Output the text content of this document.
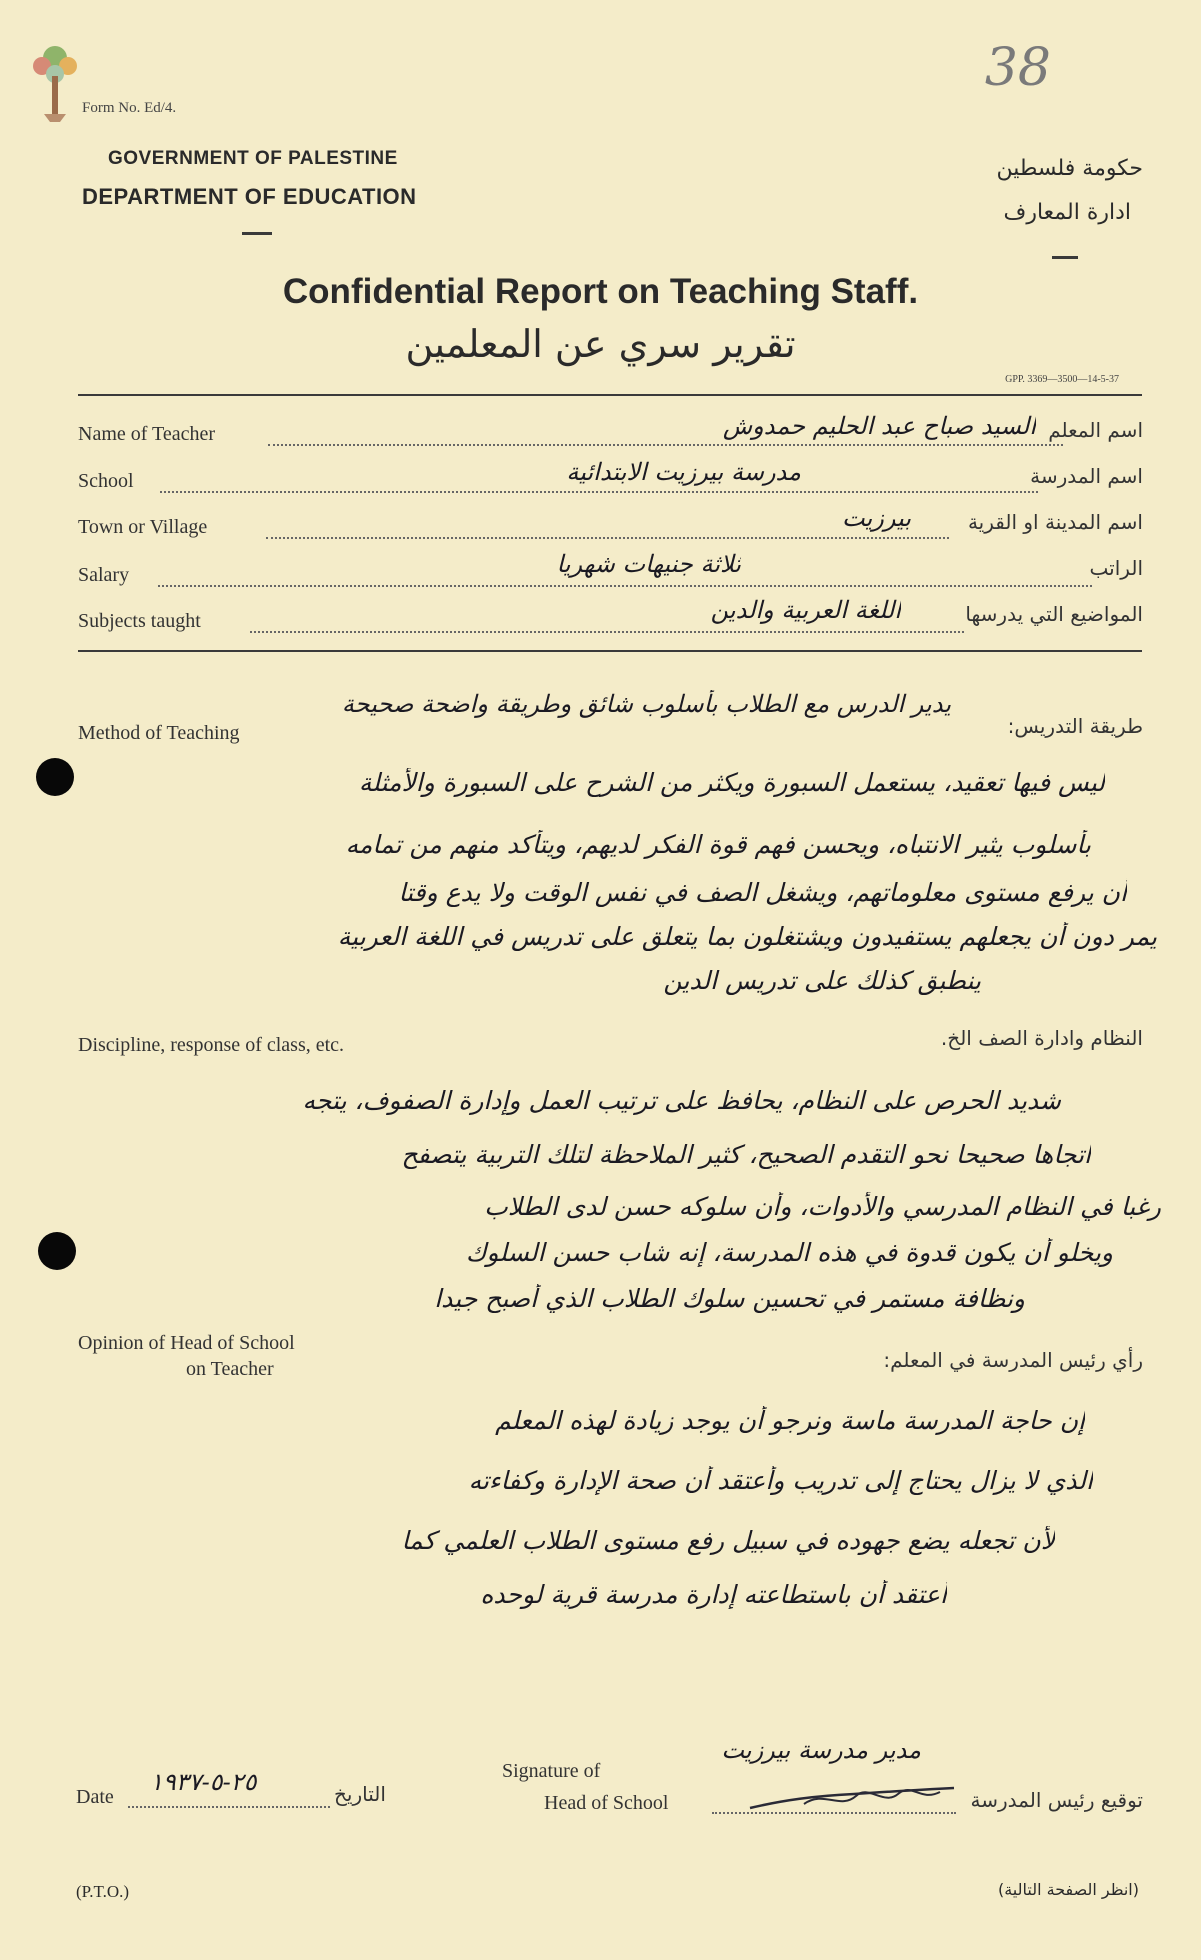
38
Form No. Ed/4.
GOVERNMENT OF PALESTINE
DEPARTMENT OF EDUCATION
حكومة فلسطين
ادارة المعارف
Confidential Report on Teaching Staff.
تقرير سري عن المعلمين
GPP. 3369—3500—14-5-37
Name of Teacher	اسم المعلم
السيد صباح عبد الحليم حمدوش
School	اسم المدرسة
مدرسة بيرزيت الابتدائية
Town or Village	اسم المدينة او القرية
بيرزيت
Salary	الراتب
ثلاثة جنيهات شهريا
Subjects taught	المواضيع التي يدرسها
اللغة العربية والدين
Method of Teaching	طريقة التدريس:
يدير الدرس مع الطلاب بأسلوب شائق وطريقة واضحة صحيحة
ليس فيها تعقيد، يستعمل السبورة ويكثر من الشرح على السبورة والأمثلة
بأسلوب يثير الانتباه، ويحسن فهم قوة الفكر لديهم، ويتأكد منهم من تمامه
أن يرفع مستوى معلوماتهم، ويشغل الصف في نفس الوقت ولا يدع وقتا
يمر دون أن يجعلهم يستفيدون ويشتغلون بما يتعلق على تدريس في اللغة العربية
ينطبق كذلك على تدريس الدين
Discipline, response of class, etc.	النظام وادارة الصف الخ.
شديد الحرص على النظام، يحافظ على ترتيب العمل وإدارة الصفوف، يتجه
اتجاها صحيحا نحو التقدم الصحيح، كثير الملاحظة لتلك التربية يتصفح
رغبا في النظام المدرسي والأدوات، وأن سلوكه حسن لدى الطلاب
ويخلو أن يكون قدوة في هذه المدرسة، إنه شاب حسن السلوك
ونظافة مستمر في تحسين سلوك الطلاب الذي أصبح جيدا
Opinion of Head of School
on Teacher	رأي رئيس المدرسة في المعلم:
إن حاجة المدرسة ماسة ونرجو أن يوجد زيادة لهذه المعلم
الذي لا يزال يحتاج إلى تدريب وأعتقد أن صحة الإدارة وكفاءته
لأن تجعله يضع جهوده في سبيل رفع مستوى الطلاب العلمي كما
أعتقد أن باستطاعته إدارة مدرسة قرية لوحده
Date
٢٥-٥-١٩٣٧	التاريخ
Signature of
Head of School
مدير مدرسة بيرزيت
توقيع رئيس المدرسة
(P.T.O.)	(انظر الصفحة التالية)
